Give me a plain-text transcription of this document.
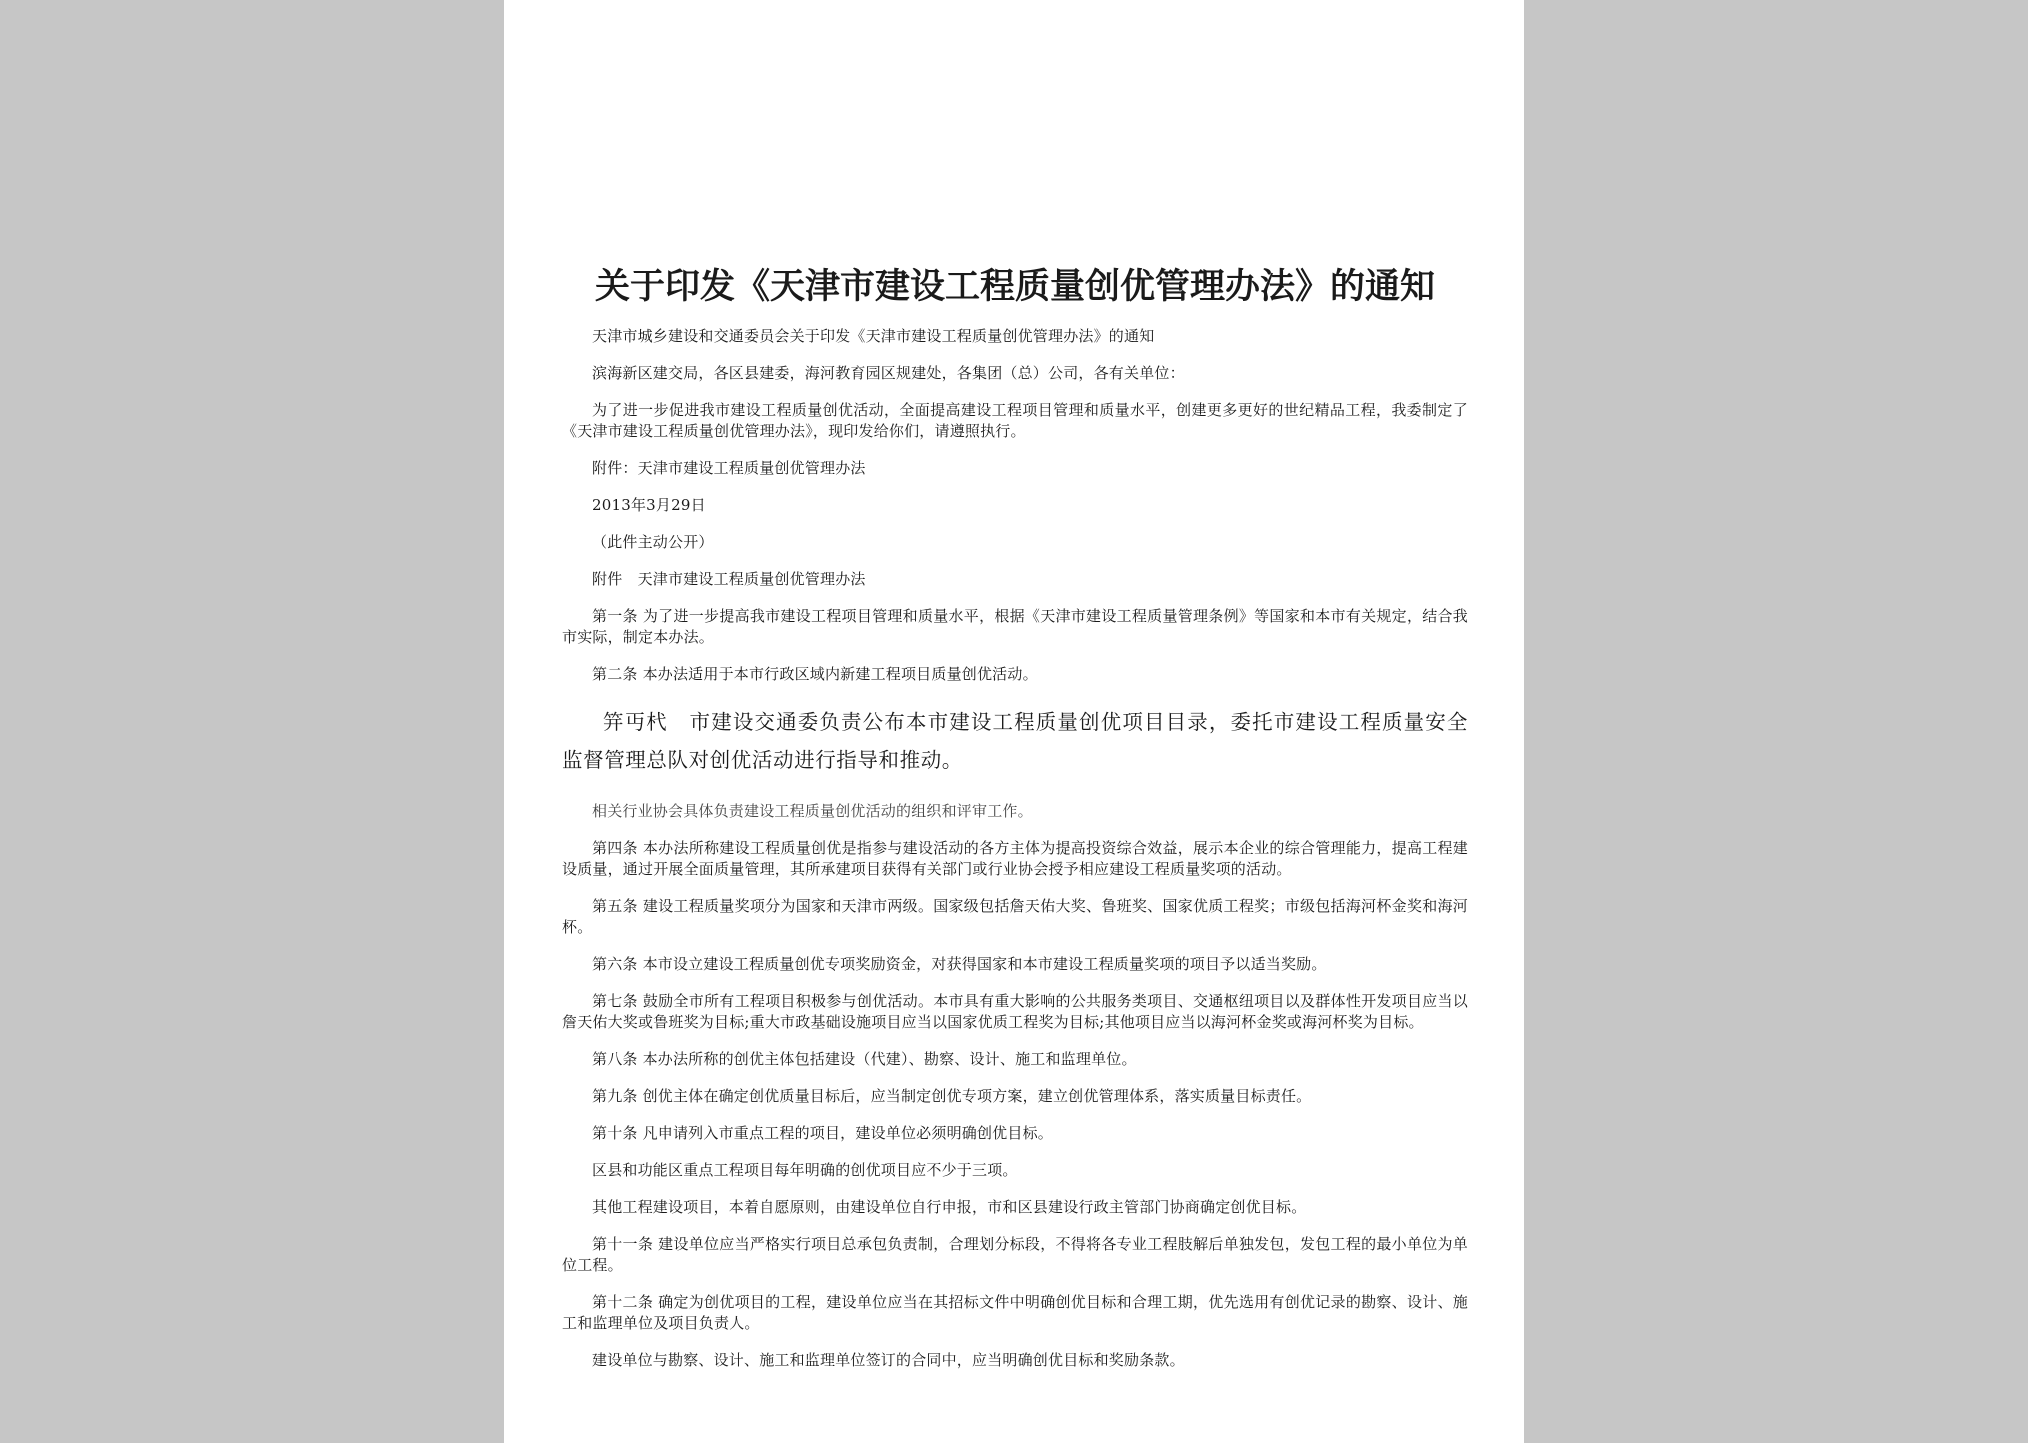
关于印发《天津市建设工程质量创优管理办法》的通知

天津市城乡建设和交通委员会关于印发《天津市建设工程质量创优管理办法》的通知

滨海新区建交局，各区县建委，海河教育园区规建处，各集团（总）公司，各有关单位：

为了进一步促进我市建设工程质量创优活动，全面提高建设工程项目管理和质量水平，创建更多更好的世纪精品工程，我委制定了《天津市建设工程质量创优管理办法》，现印发给你们，请遵照执行。

附件：天津市建设工程质量创优管理办法

2013年3月29日

（此件主动公开）

附件　天津市建设工程质量创优管理办法

第一条 为了进一步提高我市建设工程项目管理和质量水平，根据《天津市建设工程质量管理条例》等国家和本市有关规定，结合我市实际，制定本办法。

第二条 本办法适用于本市行政区域内新建工程项目质量创优活动。

笄丏杙　市建设交通委负责公布本市建设工程质量创优项目目录，委托市建设工程质量安全监督管理总队对创优活动进行指导和推动。

相关行业协会具体负责建设工程质量创优活动的组织和评审工作。

第四条 本办法所称建设工程质量创优是指参与建设活动的各方主体为提高投资综合效益，展示本企业的综合管理能力，提高工程建设质量，通过开展全面质量管理，其所承建项目获得有关部门或行业协会授予相应建设工程质量奖项的活动。

第五条 建设工程质量奖项分为国家和天津市两级。国家级包括詹天佑大奖、鲁班奖、国家优质工程奖；市级包括海河杯金奖和海河杯。

第六条 本市设立建设工程质量创优专项奖励资金，对获得国家和本市建设工程质量奖项的项目予以适当奖励。

第七条 鼓励全市所有工程项目积极参与创优活动。本市具有重大影响的公共服务类项目、交通枢纽项目以及群体性开发项目应当以詹天佑大奖或鲁班奖为目标;重大市政基础设施项目应当以国家优质工程奖为目标;其他项目应当以海河杯金奖或海河杯奖为目标。

第八条 本办法所称的创优主体包括建设（代建）、勘察、设计、施工和监理单位。

第九条 创优主体在确定创优质量目标后，应当制定创优专项方案，建立创优管理体系，落实质量目标责任。

第十条 凡申请列入市重点工程的项目，建设单位必须明确创优目标。

区县和功能区重点工程项目每年明确的创优项目应不少于三项。

其他工程建设项目，本着自愿原则，由建设单位自行申报，市和区县建设行政主管部门协商确定创优目标。

第十一条 建设单位应当严格实行项目总承包负责制，合理划分标段，不得将各专业工程肢解后单独发包，发包工程的最小单位为单位工程。

第十二条 确定为创优项目的工程，建设单位应当在其招标文件中明确创优目标和合理工期，优先选用有创优记录的勘察、设计、施工和监理单位及项目负责人。

建设单位与勘察、设计、施工和监理单位签订的合同中，应当明确创优目标和奖励条款。
